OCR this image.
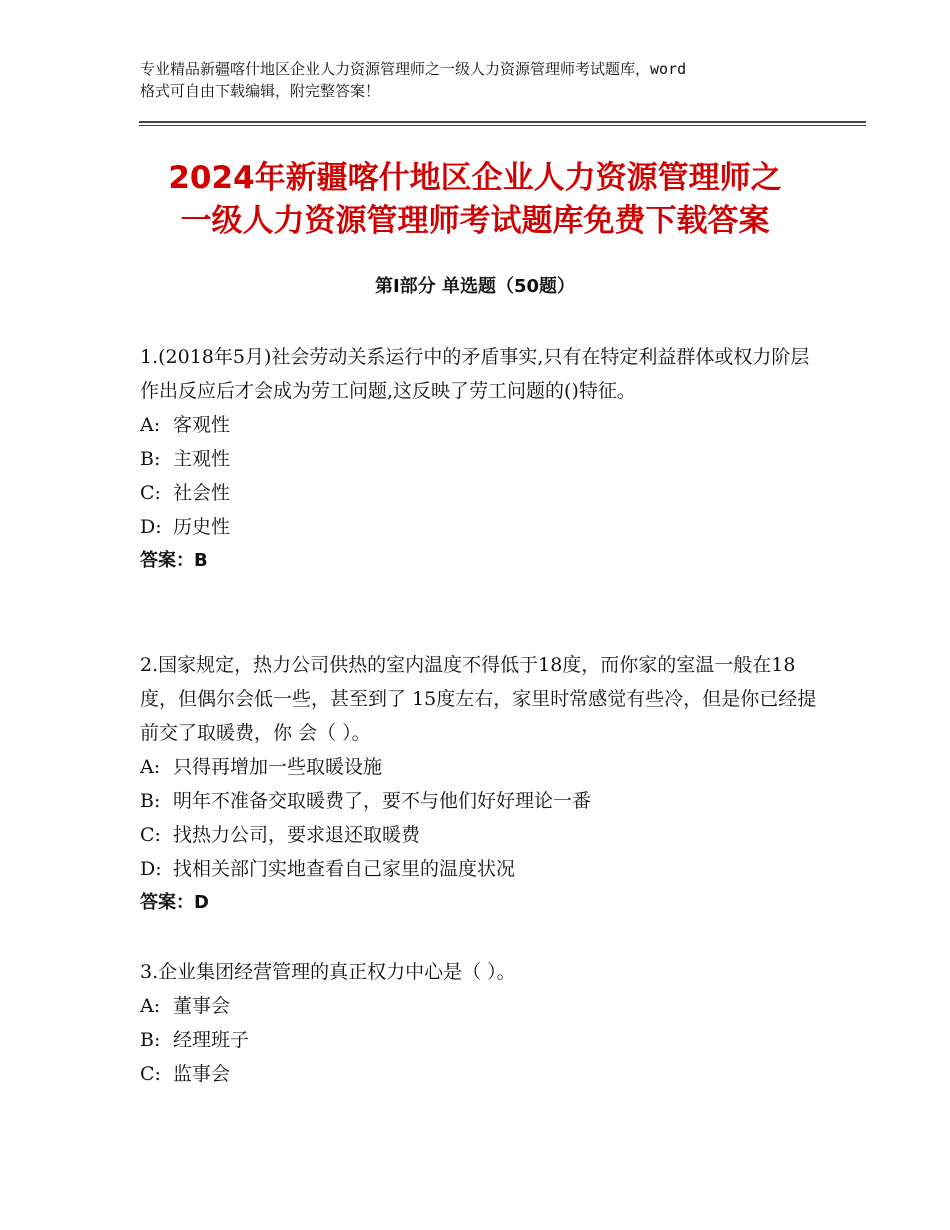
专业精品新疆喀什地区企业人力资源管理师之一级人力资源管理师考试题库，word
格式可自由下载编辑，附完整答案！
2024年新疆喀什地区企业人力资源管理师之
一级人力资源管理师考试题库免费下载答案
第Ⅰ部分 单选题（50题）

1.(2018年5月)社会劳动关系运行中的矛盾事实,只有在特定利益群体或权力阶层作出反应后才会成为劳工问题,这反映了劳工问题的()特征。

A: 客观性

B: 主观性

C: 社会性

D: 历史性

答案：B

2.国家规定，热力公司供热的室内温度不得低于18度，而你家的室温一般在18度，但偶尔会低一些，甚至到了 15度左右，家里时常感觉有些冷，但是你已经提前交了取暖费，你 会（ ）。

A: 只得再增加一些取暖设施

B: 明年不准备交取暖费了，要不与他们好好理论一番

C: 找热力公司，要求退还取暖费

D: 找相关部门实地查看自己家里的温度状况

答案：D

3.企业集团经营管理的真正权力中心是（ ）。

A: 董事会

B: 经理班子

C: 监事会
